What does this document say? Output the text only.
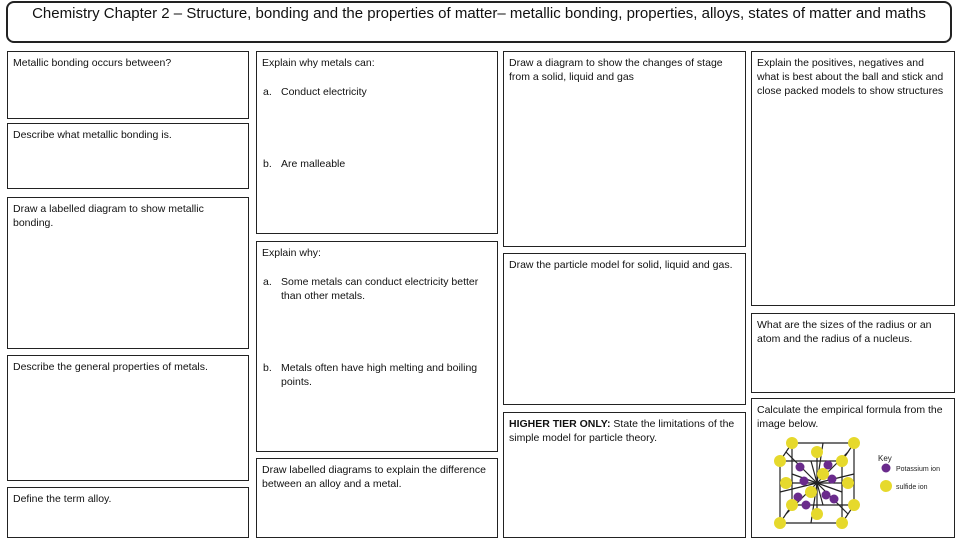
Chemistry Chapter 2 – Structure, bonding and the properties of matter– metallic bonding, properties, alloys, states of matter and maths
Metallic bonding occurs between?
Describe what metallic bonding is.
Draw a labelled diagram to show metallic bonding.
Describe the general properties of metals.
Define the term alloy.
Explain why metals can:
a. Conduct electricity
b. Are malleable
Explain why:
a. Some metals can conduct electricity better than other metals.
b. Metals often have high melting and boiling points.
Draw labelled diagrams to explain the difference between an alloy and a metal.
Draw a diagram to show the changes of stage from a solid, liquid and gas
Draw the particle model for solid, liquid and gas.
HIGHER TIER ONLY: State the limitations of the simple model for particle theory.
Explain the positives, negatives and what is best about the ball and stick and close packed models to show structures
What are the sizes of the radius or an atom and the radius of a nucleus.
Calculate the empirical formula from the image below.
Key
Potassium ion
sulfide ion
